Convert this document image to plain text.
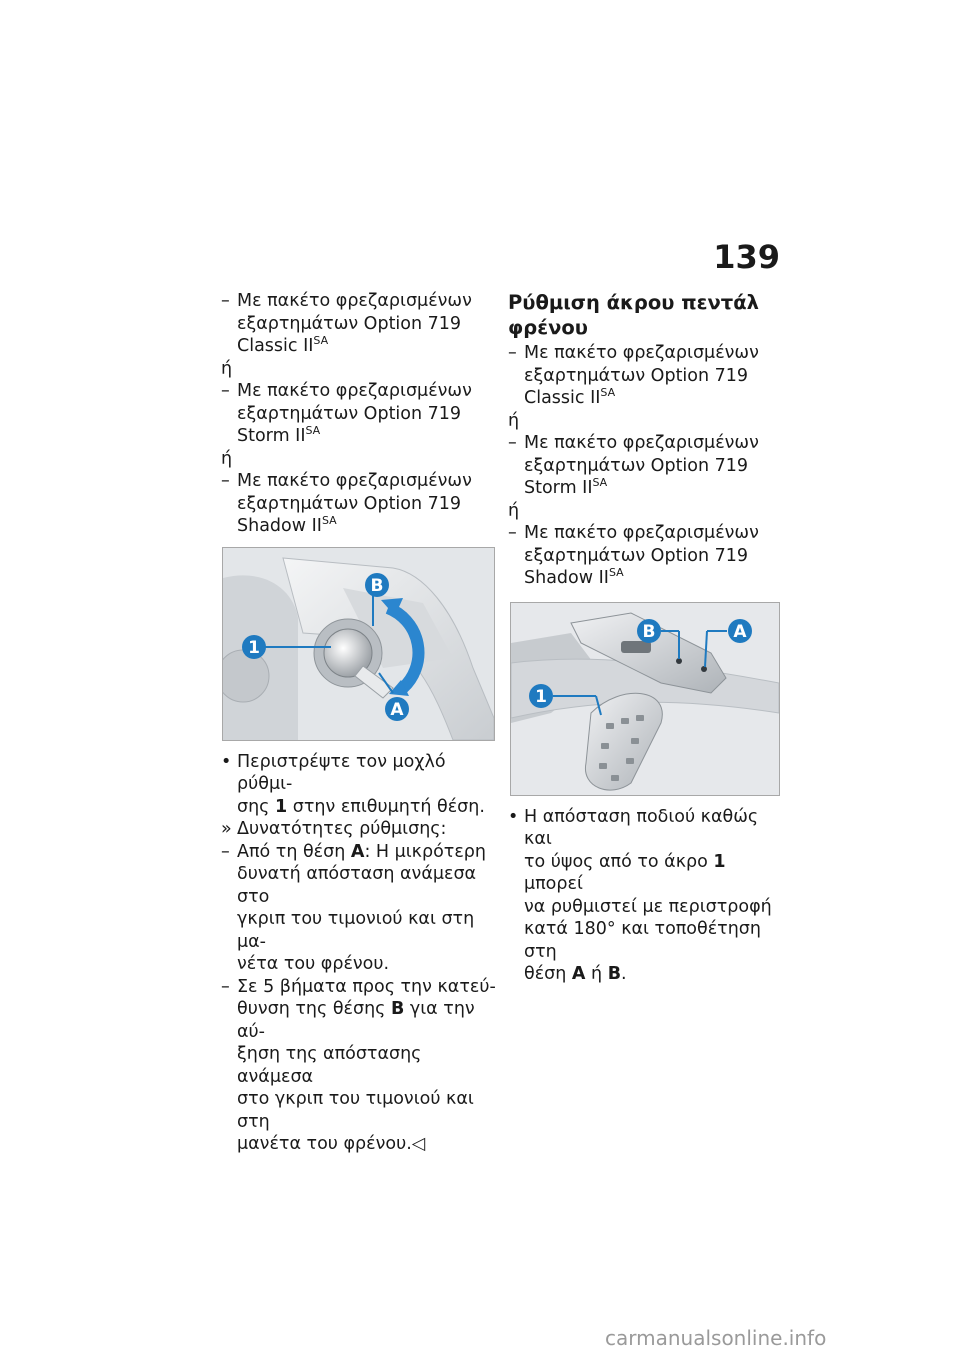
139
– Με πακέτο φρεζαρισμένων
εξαρτημάτων Option 719
Classic $II^{SA}$
ή
– Με πακέτο φρεζαρισμένων
εξαρτημάτων Option 719
Storm $II^{SA}$
ή
– Με πακέτο φρεζαρισμένων
εξαρτημάτων Option 719
Shadow $II^{SA}$
B
1
A
• Περιστρέψτε τον μοχλό ρύθμι-
σης 1 στην επιθυμητή θέση.
» Δυνατότητες ρύθμισης:
– Από τη θέση A: Η μικρότερη
δυνατή απόσταση ανάμεσα στο
γκριπ του τιμονιού και στη μα-
νέτα του φρένου.
– Σε 5 βήματα προς την κατεύ-
θυνση της θέσης B για την αύ-
ξηση της απόστασης ανάμεσα
στο γκριπ του τιμονιού και στη
μανέτα του φρένου.◁
Ρύθμιση άκρου πεντάλ
φρένου
– Με πακέτο φρεζαρισμένων
εξαρτημάτων Option 719
Classic $II^{SA}$
ή
– Με πακέτο φρεζαρισμένων
εξαρτημάτων Option 719
Storm $II^{SA}$
ή
– Με πακέτο φρεζαρισμένων
εξαρτημάτων Option 719
Shadow $II^{SA}$
B	A
1
• Η απόσταση ποδιού καθώς και
το ύψος από το άκρο 1 μπορεί
να ρυθμιστεί με περιστροφή
κατά 180° και τοποθέτηση στη
θέση A ή B.
carmanualsonline.info
